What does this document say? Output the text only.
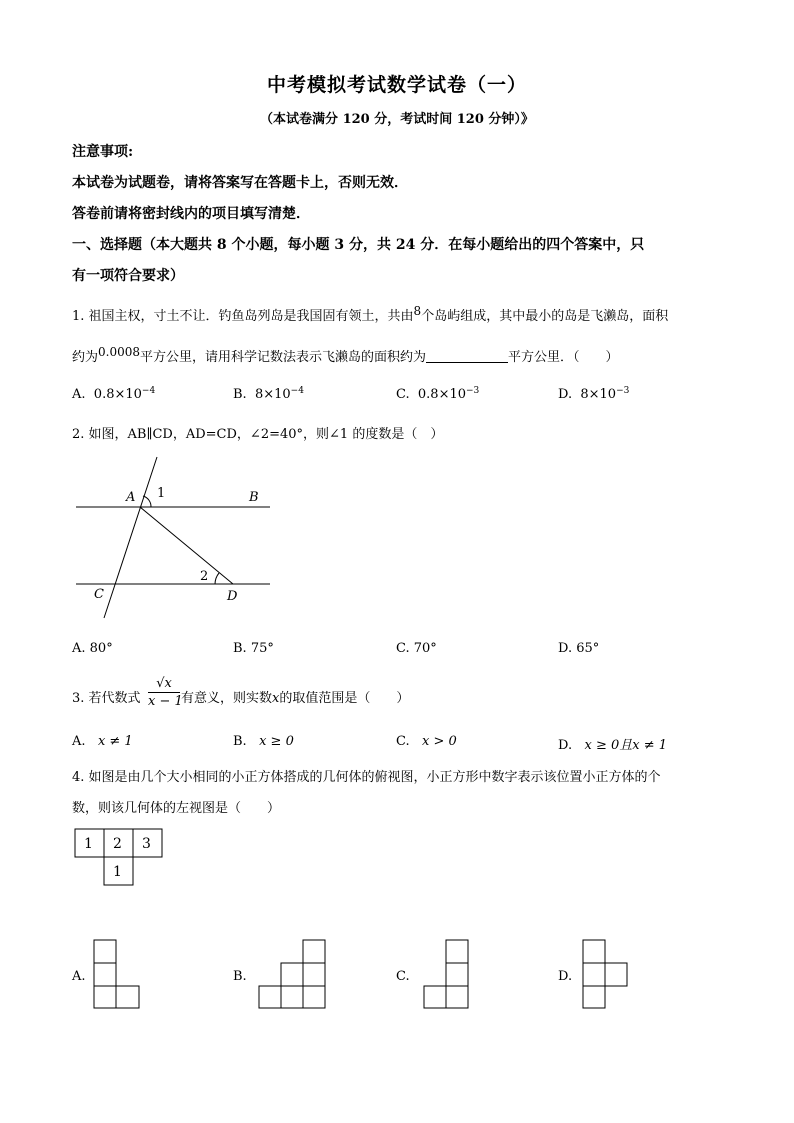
中考模拟考试数学试卷（一）
（本试卷满分 120 分，考试时间 120 分钟）》
注意事项:
本试卷为试题卷，请将答案写在答题卡上，否则无效．
答卷前请将密封线内的项目填写清楚．
一、选择题（本大题共 8 个小题，每小题 3 分，共 24 分．在每小题给出的四个答案中，只
有一项符合要求）
1. 祖国主权，寸土不让．钓鱼岛列岛是我国固有领土，共由8个岛屿组成，其中最小的岛是飞濑岛，面积
约为0.0008平方公里，请用科学记数法表示飞濑岛的面积约为	平方公里．（　　）
A. $0.8\times 10^{-4}$	B. $8\times 10^{-4}$	C. $0.8\times 10^{-3}$	D. $8\times 10^{-3}$
2. 如图，AB∥CD，AD=CD，∠2=40°，则∠1 的度数是（　）
A 1	B
2
C	D
A. 80°	B. 75°	C. 70°	D. 65°
3. 若代数式
√x
x − 1
有意义，则实数x的取值范围是（　　）
A. x ≠ 1	B. x ≥ 0	C. x > 0	D. x ≥ 0且x ≠ 1
4. 如图是由几个大小相同的小正方体搭成的几何体的俯视图，小正方形中数字表示该位置小正方体的个
数，则该几何体的左视图是（　　）
1 2 3
1
A.	B.	C.	D.
